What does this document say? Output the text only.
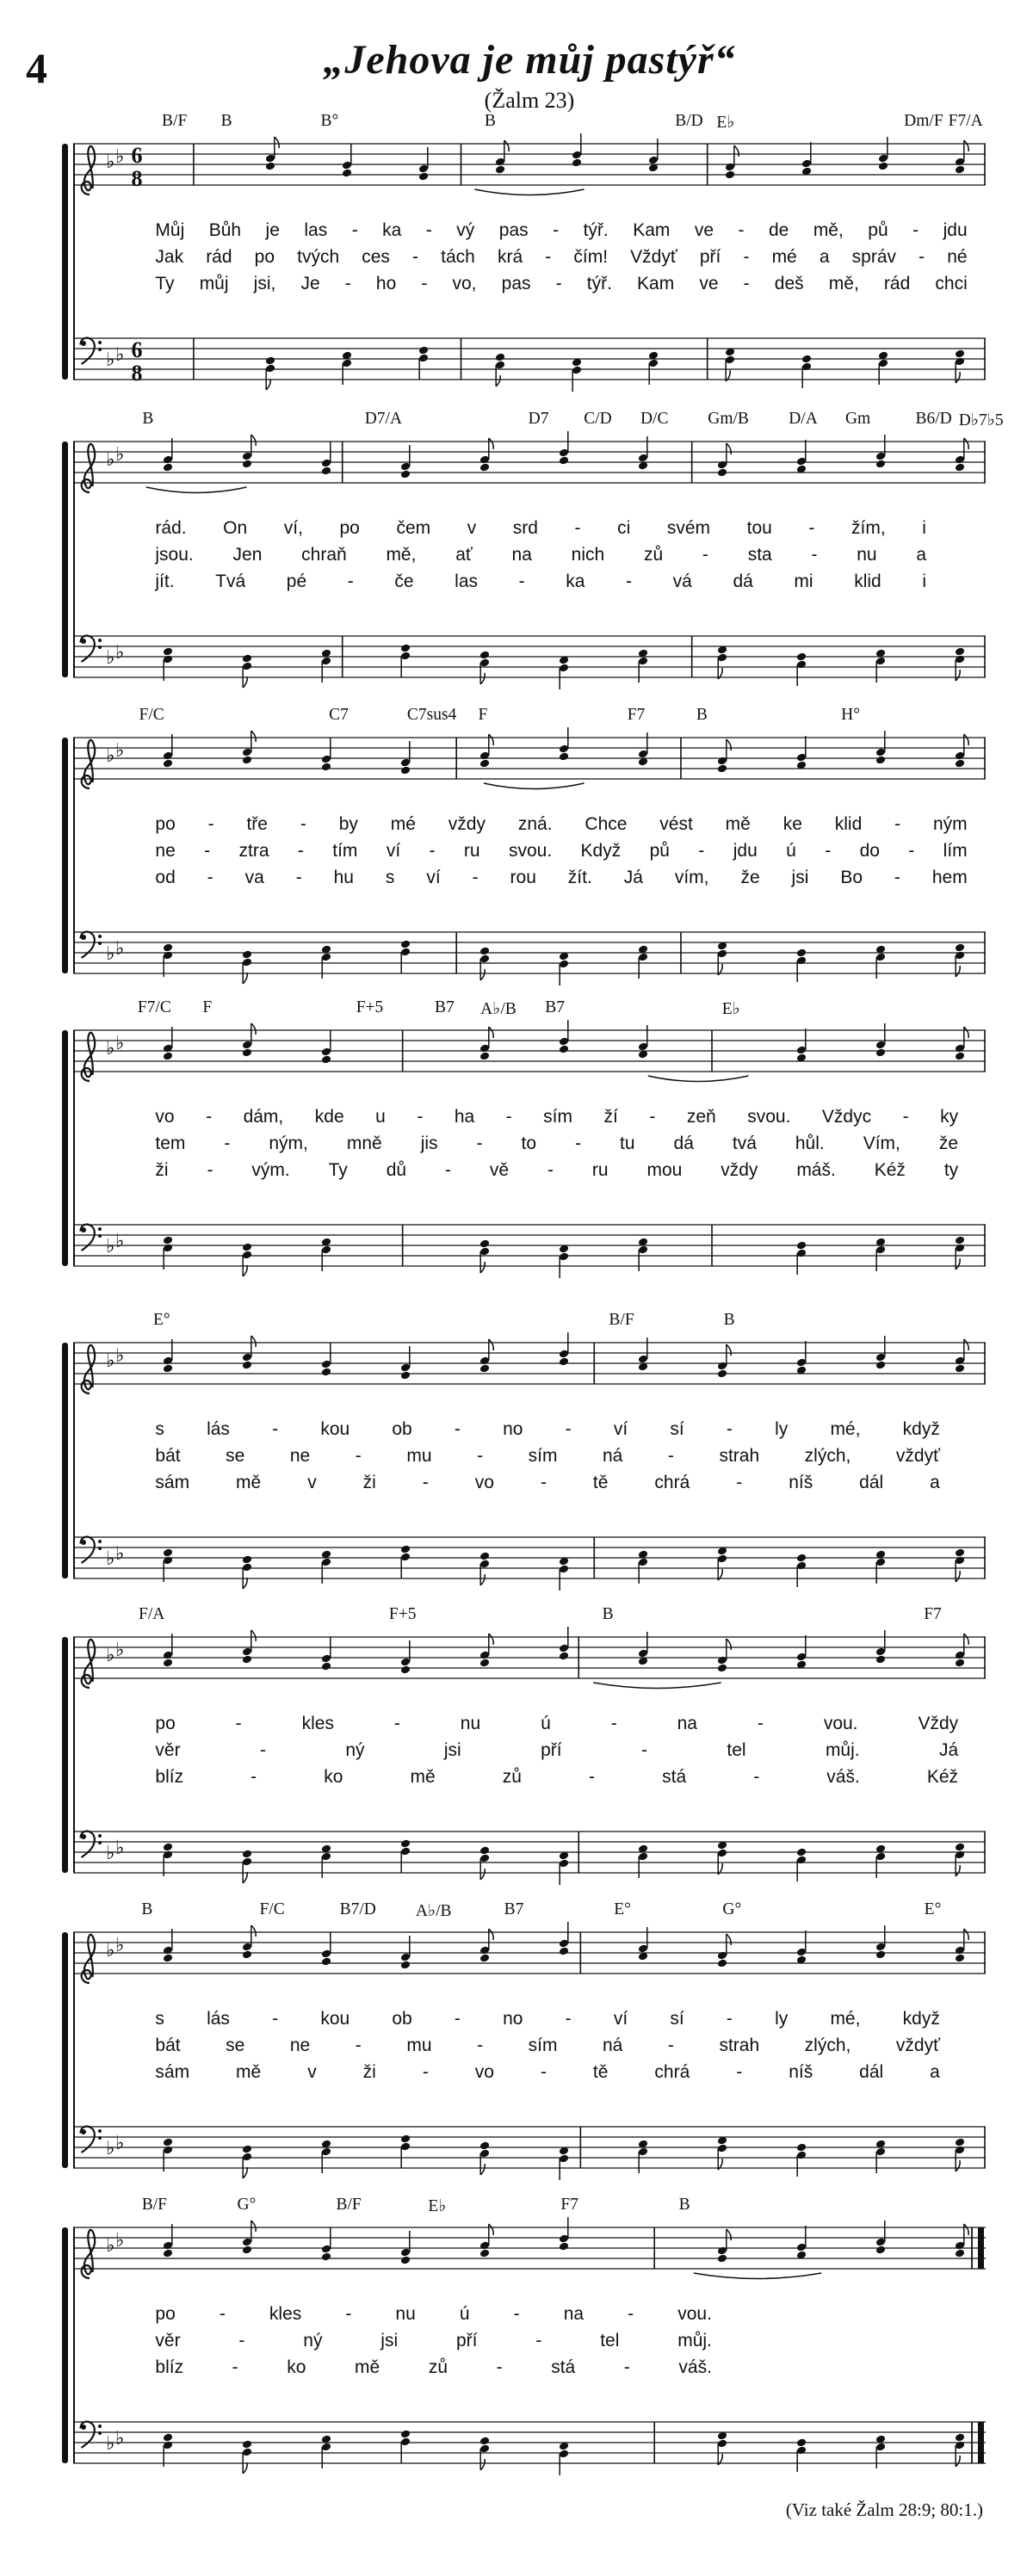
4	„Jehova je můj pastýř“
(Žalm 23)
B/F B	B°	B	B/D E♭	Dm/F F7/A
♭ ♭ 6
8
Můj Bůh je las - ka - vý pas - týř. Kam ve - de mě, pů - jdu
Jak rád po tvých ces - tách krá - čím! Vždyť pří - mé a správ - né
Ty můj jsi, Je - ho - vo, pas - týř. Kam ve - deš mě, rád chci
♭ ♭ 6
8
B	D7/A	D7 C/D D/C Gm/B D/A Gm	B6/D D♭7♭5
♭ ♭
rád. On ví, po čem v srd - ci svém tou - žím, i
jsou. Jen chraň mě, ať na nich zů - sta - nu a
jít. Tvá pé - če las - ka - vá dá mi klid i
♭ ♭
F/C	C7	C7sus4 F	F7	B	H°
♭ ♭
po - tře - by mé vždy zná. Chce vést mě ke klid - ným
ne - ztra - tím ví - ru svou. Když pů - jdu ú - do - lím
od - va - hu s ví - rou žít. Já vím, že jsi Bo - hem
♭ ♭
F7/C F	F+5	B7 A♭/B B7	E♭
♭ ♭
vo - dám, kde u - ha - sím ží - zeň svou. Vždyc - ky
tem - ným, mně jis - to - tu dá tvá hůl. Vím, že
ži - vým. Ty dů - vě - ru mou vždy máš. Kéž ty
♭ ♭
E°	B/F	B
♭ ♭
s lás - kou ob - no - ví sí - ly mé, když
bát	se	ne	-	mu	-	sím	ná	-	strah	zlých,	vždyť
sám	mě	v	ži	-	vo	-	tě	chrá	-	níš	dál	a
♭ ♭
F/A	F+5	B	F7
♭ ♭
po	-	kles	-	nu	ú	-	na	-	vou.	Vždy
věr	-	ný	jsi	pří	-	tel	můj.	Já
blíz	-	ko	mě	zů	-	stá	-	váš.	Kéž
♭ ♭
B	F/C	B7/D A♭/B	B7	E°	G°	E°
♭ ♭
s lás - kou ob - no - ví sí - ly mé, když
bát	se	ne	-	mu	-	sím	ná	-	strah	zlých,	vždyť
sám	mě	v	ži	-	vo	-	tě	chrá	-	níš	dál	a
♭ ♭
B/F	G°	B/F	E♭	F7	B
♭ ♭
po - kles - nu ú - na - vou.
věr	-	ný	jsi	pří	-	tel	můj.
blíz	-	ko	mě	zů	-	stá	-	váš.
♭ ♭
(Viz také Žalm 28:9; 80:1.)
